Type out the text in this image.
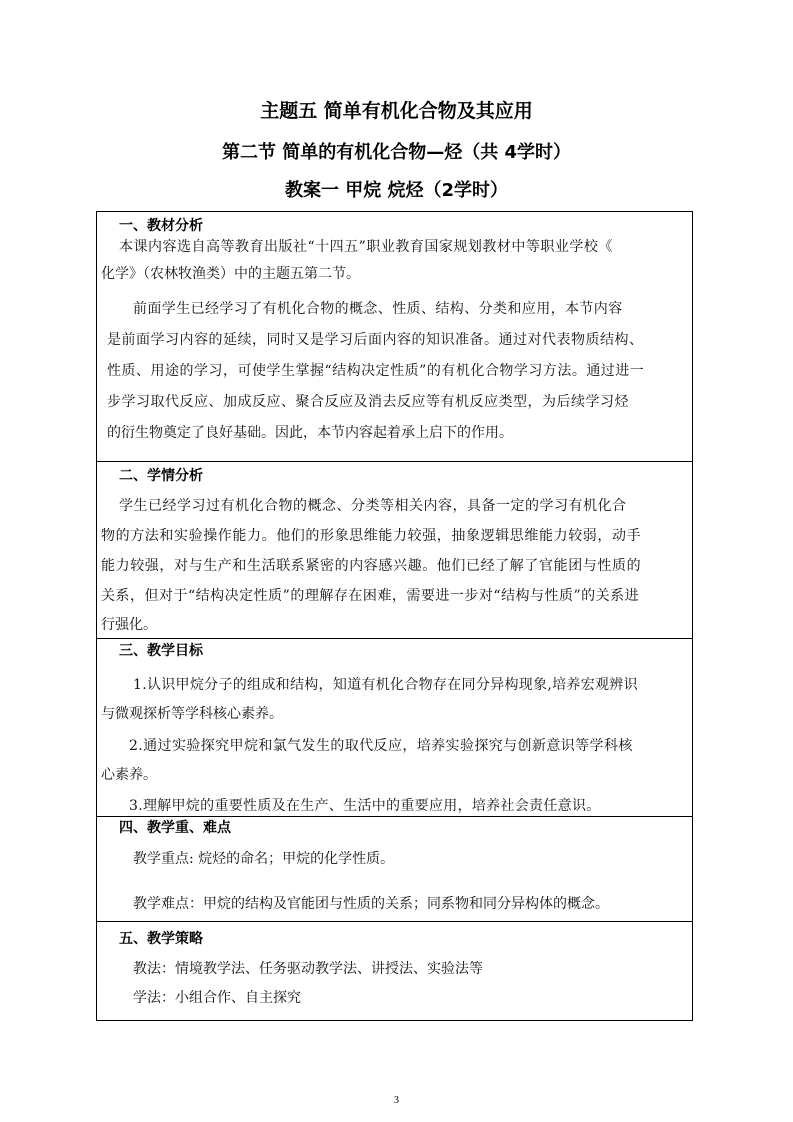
主题五 简单有机化合物及其应用
第二节 简单的有机化合物—烃（共 4学时）
教案一 甲烷 烷烃（2学时）
一、教材分析
本课内容选自高等教育出版社“十四五”职业教育国家规划教材中等职业学校《
化学》（农林牧渔类）中的主题五第二节。
前面学生已经学习了有机化合物的概念、性质、结构、分类和应用，本节内容
是前面学习内容的延续，同时又是学习后面内容的知识准备。通过对代表物质结构、
性质、用途的学习，可使学生掌握“结构决定性质”的有机化合物学习方法。通过进一
步学习取代反应、加成反应、聚合反应及消去反应等有机反应类型，为后续学习烃
的衍生物奠定了良好基础。因此，本节内容起着承上启下的作用。
二、学情分析
学生已经学习过有机化合物的概念、分类等相关内容，具备一定的学习有机化合
物的方法和实验操作能力。他们的形象思维能力较强，抽象逻辑思维能力较弱，动手
能力较强，对与生产和生活联系紧密的内容感兴趣。他们已经了解了官能团与性质的
关系，但对于“结构决定性质”的理解存在困难，需要进一步对“结构与性质”的关系进
行强化。
三、教学目标
1.认识甲烷分子的组成和结构，知道有机化合物存在同分异构现象,培养宏观辨识
与微观探析等学科核心素养。
2.通过实验探究甲烷和氯气发生的取代反应，培养实验探究与创新意识等学科核
心素养。
3.理解甲烷的重要性质及在生产、生活中的重要应用，培养社会责任意识。
四、教学重、难点
教学重点: 烷烃的命名；甲烷的化学性质。
教学难点：甲烷的结构及官能团与性质的关系；同系物和同分异构体的概念。
五、教学策略
教法：情境教学法、任务驱动教学法、讲授法、实验法等
学法：小组合作、自主探究
3
